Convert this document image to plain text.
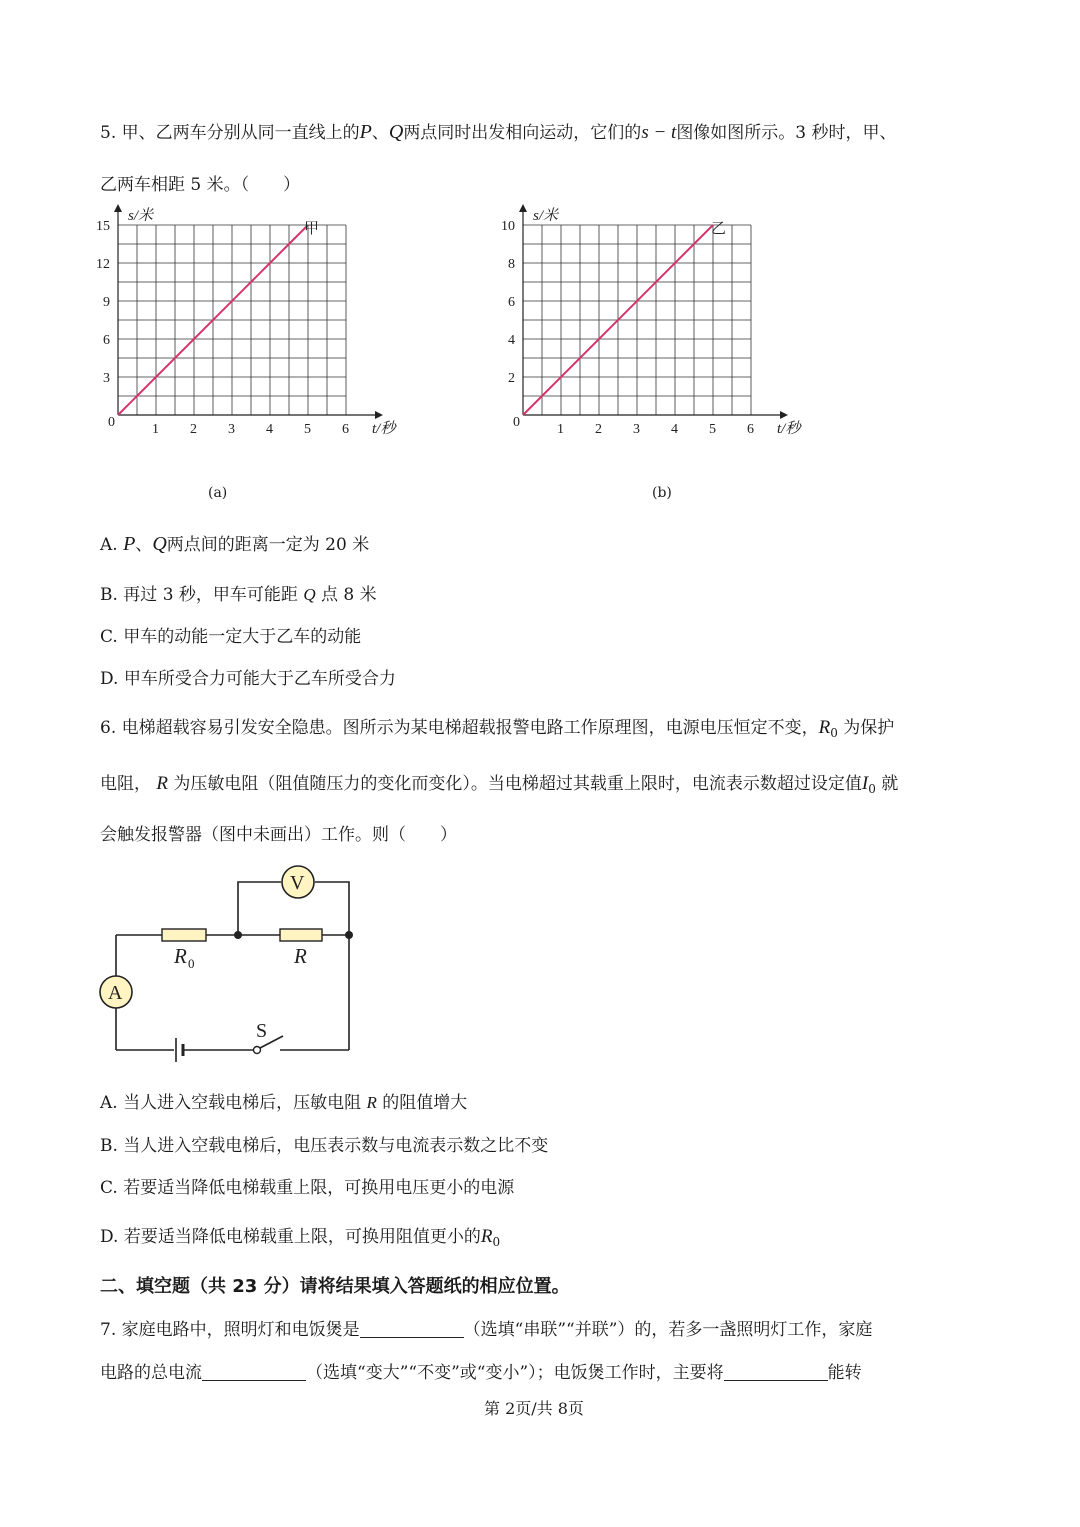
5. 甲、乙两车分别从同一直线上的P、Q两点同时出发相向运动，它们的s − t图像如图所示。3 秒时，甲、
乙两车相距 5 米。（　　）
1 2 3 4 5 6
3
6
9
12
15
s/米
t/秒
甲
0
(a)
1 2 3 4 5 6
2
4
6
8
10
s/米
t/秒
乙
0
(b)
A. P、Q两点间的距离一定为 20 米
B. 再过 3 秒，甲车可能距 Q 点 8 米
C. 甲车的动能一定大于乙车的动能
D. 甲车所受合力可能大于乙车所受合力
6. 电梯超载容易引发安全隐患。图所示为某电梯超载报警电路工作原理图，电源电压恒定不变，$R_0$ 为保护
电阻， R 为压敏电阻（阻值随压力的变化而变化）。当电梯超过其载重上限时，电流表示数超过设定值$I_0$ 就
会触发报警器（图中未画出）工作。则（　　）
V
A
R 0	R
S
A. 当人进入空载电梯后，压敏电阻 R 的阻值增大
B. 当人进入空载电梯后，电压表示数与电流表示数之比不变
C. 若要适当降低电梯载重上限，可换用电压更小的电源
D. 若要适当降低电梯载重上限，可换用阻值更小的$R_0$
二、填空题（共 23 分）请将结果填入答题纸的相应位置。
7. 家庭电路中，照明灯和电饭煲是	（选填“串联”“并联”）的，若多一盏照明灯工作，家庭
电路的总电流	（选填“变大”“不变”或“变小”）；电饭煲工作时，主要将	能转
第 2页/共 8页
